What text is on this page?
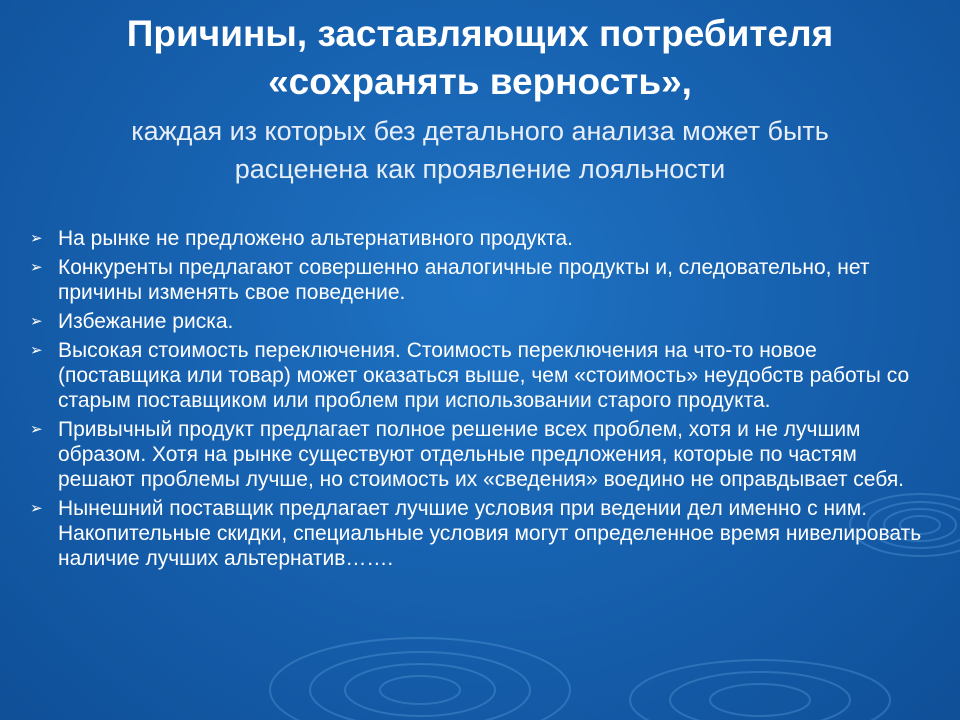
Причины, заставляющих потребителя
«сохранять верность»,

каждая из которых без детального анализа может быть
расценена как проявление лояльности

➢ На рынке не предложено альтернативного продукта.
➢ Конкуренты предлагают совершенно аналогичные продукты и, следовательно, нет причины изменять свое поведение.
➢ Избежание риска.
➢ Высокая стоимость переключения. Стоимость переключения на что-то новое (поставщика или товар) может оказаться выше, чем «стоимость» неудобств работы со старым поставщиком или проблем при использовании старого продукта.
➢ Привычный продукт предлагает полное решение всех проблем, хотя и не лучшим образом. Хотя на рынке существуют отдельные предложения, которые по частям решают проблемы лучше, но стоимость их «сведения» воедино не оправдывает себя.
➢ Нынешний поставщик предлагает лучшие условия при ведении дел именно с ним. Накопительные скидки, специальные условия могут определенное время нивелировать наличие лучших альтернатив…….
